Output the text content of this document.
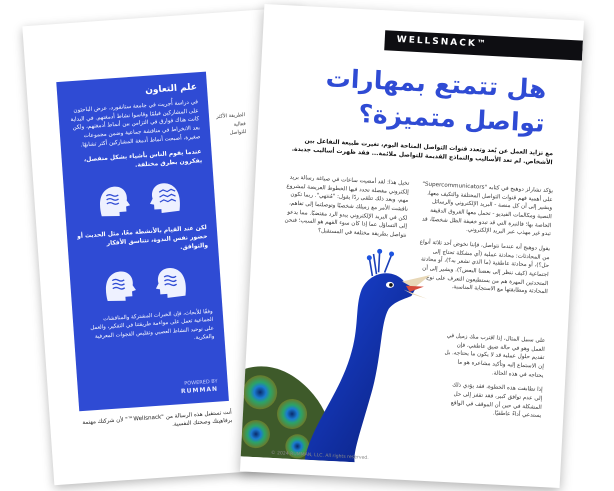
علم التعاون
في دراسة أُجريت في جامعة ستانفورد، عرض الباحثون على المشاركين فيلمًا وقاسوا نشاط أدمغتهم. في البداية كانت هناك فوارق في التزامن بين أنماط أدمغتهم، ولكن بعد الانخراط في مناقشة جماعية وضمن مجموعات صغيرة، أصبحت أنماط أدمغة المشاركين أكثر تشابهًا.
عندما يقوم الناس بأشياء بشكل منفصل، يفكرون بطرق مختلفة.
لكن عند القيام بالأنشطة معًا، مثل الحديث أو حضور نفس الندوة، تتناسق الأفكار والتوافق.
وفقًا للأبحاث، فإن الخبرات المشتركة والمناقشات الجماعية تعمل على مواءمة طريقتنا في التفكير، والعمل على توحيد النشاط العصبي وتقليص الفجوات المعرفية والفكرية.
POWERED BY
RUMMAN
الطريقة الأكثر فعالية للتواصل
أنت تستقبل هذه الرسالة من "Wellsnack™" لأن شركتك مهتمة برفاهيتك وصحتك النفسية.
WELLSNACK™
هل تتمتع بمهارات
تواصل متميزة؟
مع تزايد العمل عن بُعد وتعدد قنوات التواصل المتاحة اليوم، تغيرت طبيعة التفاعل بين الأشخاص. لم تعد الأساليب والنماذج القديمة للتواصل ملائمة... فقد ظهرت أساليب جديدة.

يؤكد تشارلز دوهيج في كتابه "Supercommunicators" على أهمية فهم قنوات التواصل المختلفة والتكيف معها، ويشير إلى أن كل منصة - البريد الإلكتروني والرسائل النصية ومكالمات الفيديو - تحمل معها الفروق الدقيقة الخاصة بها؛ فالنبرة التي قد تبدو خفيفة الظل شخصيًا، قد تبدو غير مهذب عبر البريد الإلكتروني.

يقول دوهيج أنه عندما نتواصل، فإننا نخوض أحد ثلاثة أنواع من المحادثات: محادثة عملية (أي مشكلة تحتاج إلى حل؟)، أو محادثة عاطفية (ما الذي نشعر به؟)، أو محادثة اجتماعية (كيف ننظر إلى بعضنا البعض؟). ويشير إلى أن المتحدثين المهرة هم من يستطيعون التعرف على نوع المحادثة ومطابقتها مع الاستجابة المناسبة.

تخيل هذا: لقد أمضيت ساعات في صياغة رسالة بريد إلكتروني مفصلة تحدد فيها الخطوط العريضة لمشروع مهم، وبعد ذلك تتلقى ردًا يقول: "مُنتهي". ربما تكون ناقشت الأمر مع زميلك شخصيًا وتوصلتما إلى تفاهم، لكن في البريد الإلكتروني يبدو الرد مقتضبًا. مما يدعو إلى التساؤل عما إذا كان سوء الفهم هو السبب؛ فنحن نتواصل بطريقة مختلفة في المستقبل؟

على سبيل المثال، إذا اقترب منك زميل في العمل وهو في حالة ضيق عاطفي، فإن تقديم حلول عملية قد لا يكون ما يحتاجه. بل إن الاستماع إليه وتأكيد مشاعره هو ما يحتاجه في هذه الحالة.

إذا تطابقت هذه الخطوة، فقد يؤدي ذلك إلى عدم توافق كبير، فقد تقفز إلى حل المشكلة في حين أن الموقف في الواقع يستدعي أداءً عاطفيًا.

© 2024 RUMMAN, LLC. All rights reserved.
